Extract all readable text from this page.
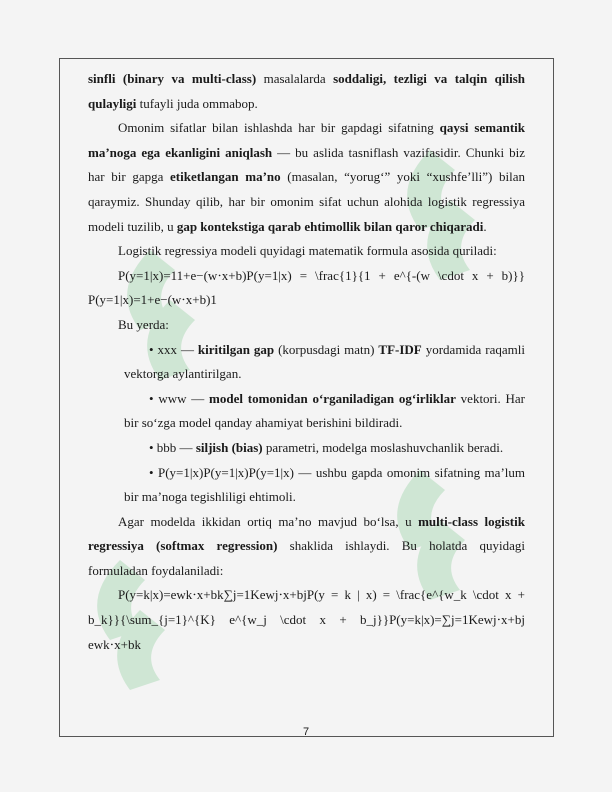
sinfli (binary va multi-class) masalalarda soddaligi, tezligi va talqin qilish qulayligi tufayli juda ommabop.

Omonim sifatlar bilan ishlashda har bir gapdagi sifatning qaysi semantik ma’noga ega ekanligini aniqlash — bu aslida tasniflash vazifasidir. Chunki biz har bir gapga etiketlangan ma’no (masalan, “yorug‘” yoki “xushfe’lli”) bilan qaraymiz. Shunday qilib, har bir omonim sifat uchun alohida logistik regressiya modeli tuzilib, u gap kontekstiga qarab ehtimollik bilan qaror chiqaradi.

Logistik regressiya modeli quyidagi matematik formula asosida quriladi:

P(y=1|x)=11+e−(w⋅x+b)P(y=1|x) = \frac{1}{1 + e^{-(w \cdot x + b)}} P(y=1|x)=1+e−(w⋅x+b)1

Bu yerda:

• xxx — kiritilgan gap (korpusdagi matn) TF-IDF yordamida raqamli vektorga aylantirilgan.

• www — model tomonidan o‘rganiladigan og‘irliklar vektori. Har bir so‘zga model qanday ahamiyat berishini bildiradi.

• bbb — siljish (bias) parametri, modelga moslashuvchanlik beradi.

• P(y=1|x)P(y=1|x)P(y=1|x) — ushbu gapda omonim sifatning ma’lum bir ma’noga tegishliligi ehtimoli.

Agar modelda ikkidan ortiq ma’no mavjud bo‘lsa, u multi-class logistik regressiya (softmax regression) shaklida ishlaydi. Bu holatda quyidagi formuladan foydalaniladi:

P(y=k|x)=ewk⋅x+bk∑j=1Kewj⋅x+bjP(y = k | x) = \frac{e^{w_k \cdot x + b_k}}{\sum_{j=1}^{K} e^{w_j \cdot x + b_j}}P(y=k|x)=∑j=1Kewj⋅x+bj ewk⋅x+bk

7
